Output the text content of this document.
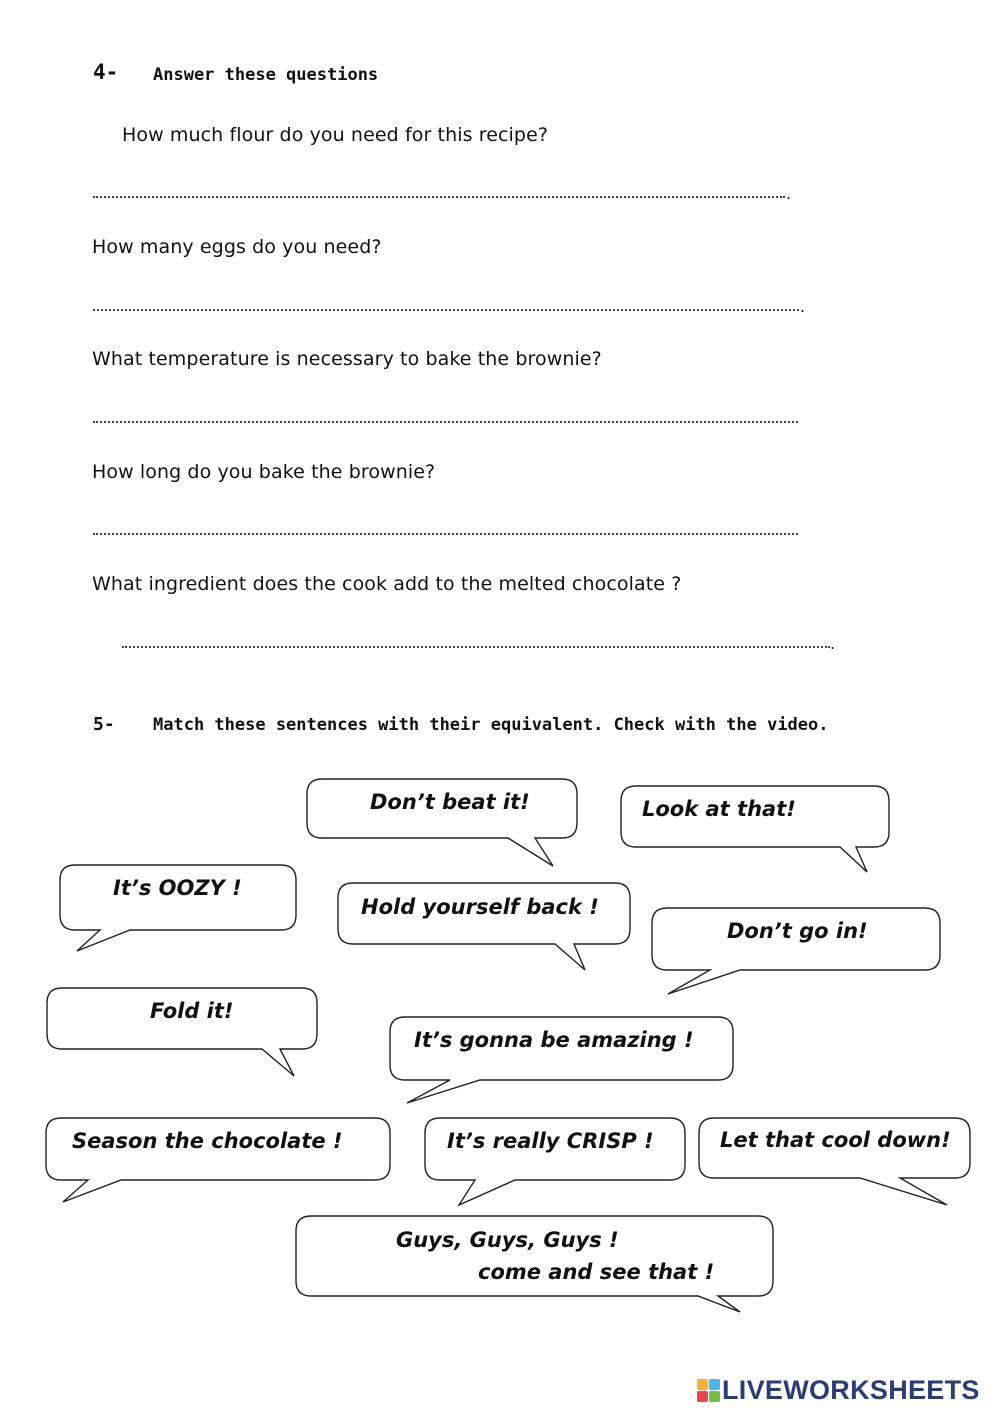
4- Answer these questions
How much flour do you need for this recipe?
.
How many eggs do you need?
.
What temperature is necessary to bake the brownie?
How long do you bake the brownie?
What ingredient does the cook add to the melted chocolate ?
.
5- Match these sentences with their equivalent. Check with the video.
Don’t beat it!	Look at that!
It’s OOZY !
Hold yourself back !
Don’t go in!
Fold it!
It’s gonna be amazing !
Season the chocolate !	It’s really CRISP !	Let that cool down!
Guys, Guys, Guys !
come and see that !
LIVEWORKSHEETS
